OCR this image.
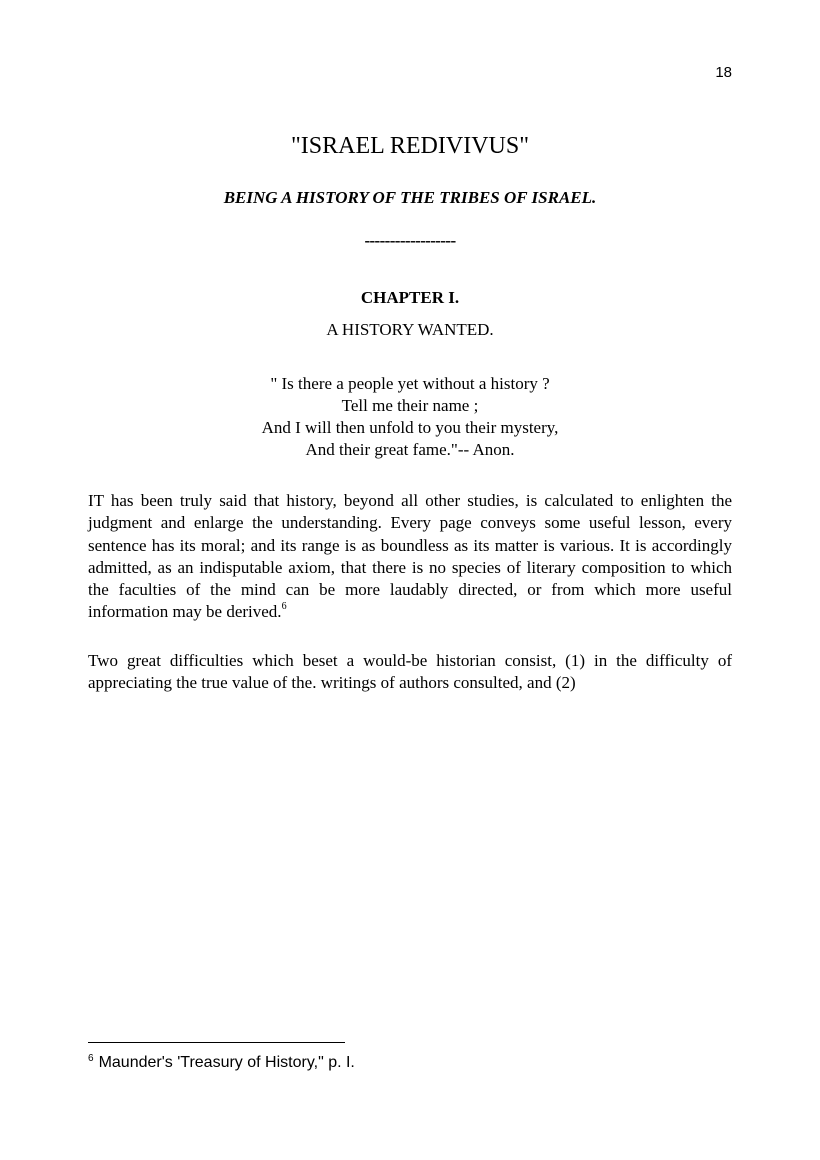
18
"ISRAEL REDIVIVUS"
BEING A HISTORY OF THE TRIBES OF ISRAEL.
------------------
CHAPTER I.
A HISTORY WANTED.
" Is there a people yet without a history ?
Tell me their name ;
And I will then unfold to you their mystery,
And their great fame."-- Anon.

IT has been truly said that history, beyond all other studies, is calculated to enlighten the judgment and enlarge the understanding. Every page conveys some useful lesson, every sentence has its moral; and its range is as boundless as its matter is various. It is accordingly admitted, as an indisputable axiom, that there is no species of literary composition to which the faculties of the mind can be more laudably directed, or from which more useful information may be derived.$^6$

Two great difficulties which beset a would-be historian consist, (1) in the difficulty of appreciating the true value of the. writings of authors consulted, and (2)

$^6$ Maunder's 'Treasury of History," p. I.
